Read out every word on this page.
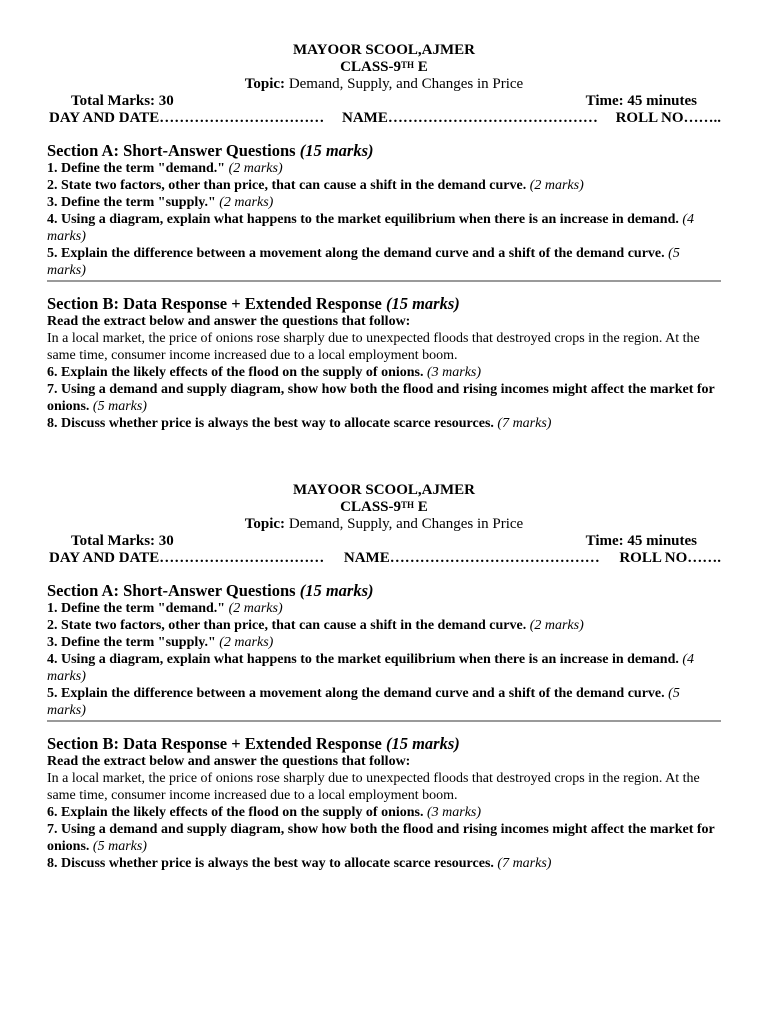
MAYOOR SCOOL,AJMER
CLASS-9TH E
Topic: Demand, Supply, and Changes in Price
Total Marks: 30	Time: 45 minutes
DAY AND DATE…………………………… NAME…………………………………… ROLL NO……..
Section A: Short-Answer Questions (15 marks)
1. Define the term "demand." (2 marks)
2. State two factors, other than price, that can cause a shift in the demand curve. (2 marks)
3. Define the term "supply." (2 marks)
4. Using a diagram, explain what happens to the market equilibrium when there is an increase in demand. (4 marks)
5. Explain the difference between a movement along the demand curve and a shift of the demand curve. (5 marks)
Section B: Data Response + Extended Response (15 marks)
Read the extract below and answer the questions that follow:
In a local market, the price of onions rose sharply due to unexpected floods that destroyed crops in the region. At the same time, consumer income increased due to a local employment boom.
6. Explain the likely effects of the flood on the supply of onions. (3 marks)
7. Using a demand and supply diagram, show how both the flood and rising incomes might affect the market for onions. (5 marks)
8. Discuss whether price is always the best way to allocate scarce resources. (7 marks)
MAYOOR SCOOL,AJMER
CLASS-9TH E
Topic: Demand, Supply, and Changes in Price
Total Marks: 30	Time: 45 minutes
DAY AND DATE…………………………… NAME…………………………………… ROLL NO…….
Section A: Short-Answer Questions (15 marks)
1. Define the term "demand." (2 marks)
2. State two factors, other than price, that can cause a shift in the demand curve. (2 marks)
3. Define the term "supply." (2 marks)
4. Using a diagram, explain what happens to the market equilibrium when there is an increase in demand. (4 marks)
5. Explain the difference between a movement along the demand curve and a shift of the demand curve. (5 marks)
Section B: Data Response + Extended Response (15 marks)
Read the extract below and answer the questions that follow:
In a local market, the price of onions rose sharply due to unexpected floods that destroyed crops in the region. At the same time, consumer income increased due to a local employment boom.
6. Explain the likely effects of the flood on the supply of onions. (3 marks)
7. Using a demand and supply diagram, show how both the flood and rising incomes might affect the market for onions. (5 marks)
8. Discuss whether price is always the best way to allocate scarce resources. (7 marks)
